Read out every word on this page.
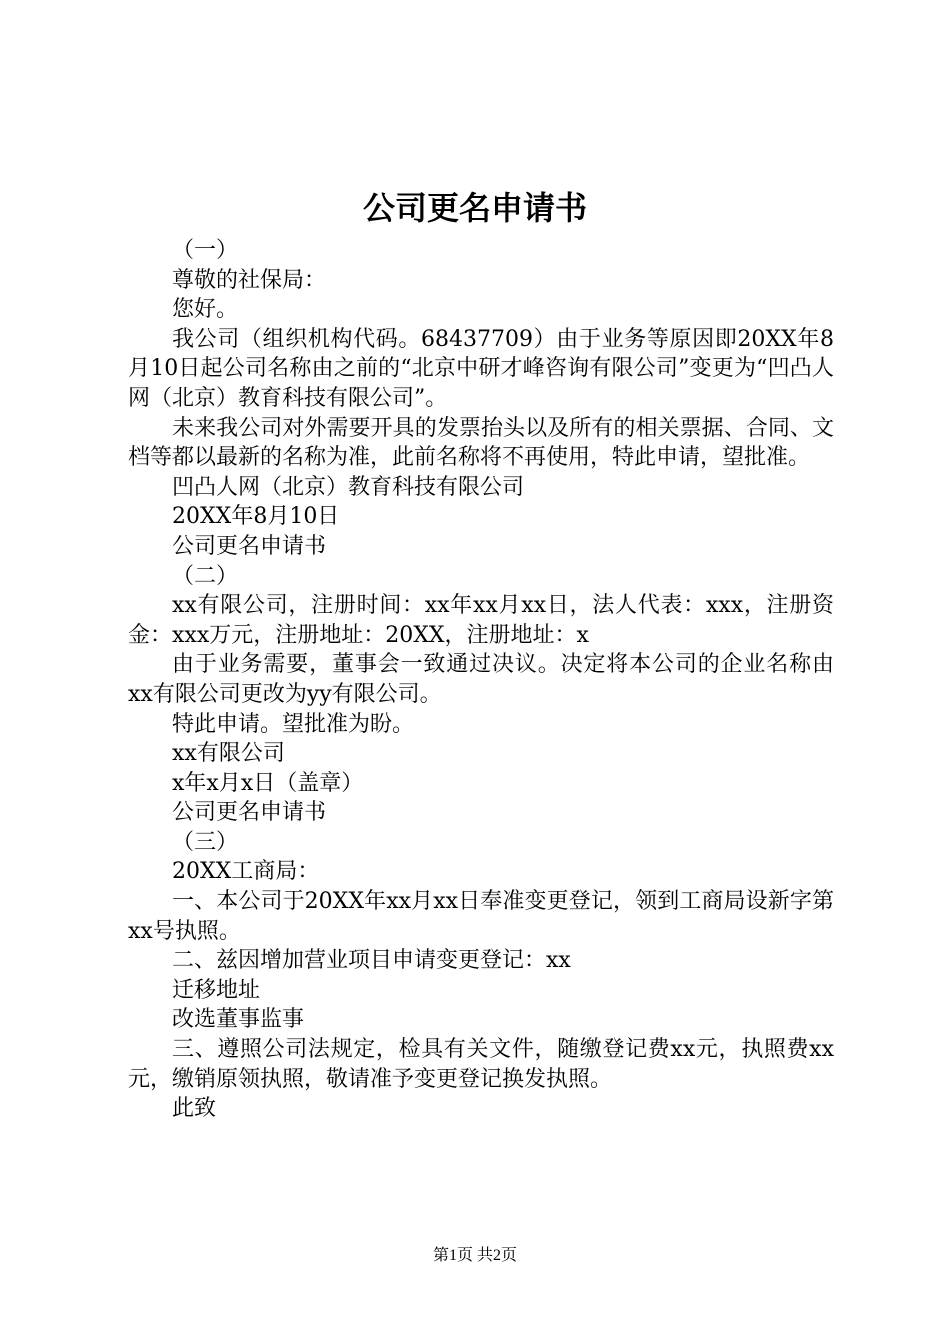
公司更名申请书

（一）

尊敬的社保局：

您好。

我公司（组织机构代码。68437709）由于业务等原因即20XX年8月10日起公司名称由之前的“北京中研才峰咨询有限公司”变更为“凹凸人网（北京）教育科技有限公司”。

未来我公司对外需要开具的发票抬头以及所有的相关票据、合同、文档等都以最新的名称为准，此前名称将不再使用，特此申请，望批准。

凹凸人网（北京）教育科技有限公司

20XX年8月10日

公司更名申请书

（二）

xx有限公司，注册时间：xx年xx月xx日，法人代表：xxx，注册资金：xxx万元，注册地址：20XX，注册地址：x

由于业务需要，董事会一致通过决议。决定将本公司的企业名称由xx有限公司更改为yy有限公司。

特此申请。望批准为盼。

xx有限公司

x年x月x日（盖章）

公司更名申请书

（三）

20XX工商局：

一、本公司于20XX年xx月xx日奉准变更登记，领到工商局设新字第xx号执照。

二、兹因增加营业项目申请变更登记：xx

迁移地址

改选董事监事

三、遵照公司法规定，检具有关文件，随缴登记费xx元，执照费xx元，缴销原领执照，敬请准予变更登记换发执照。

此致

第1页 共2页
